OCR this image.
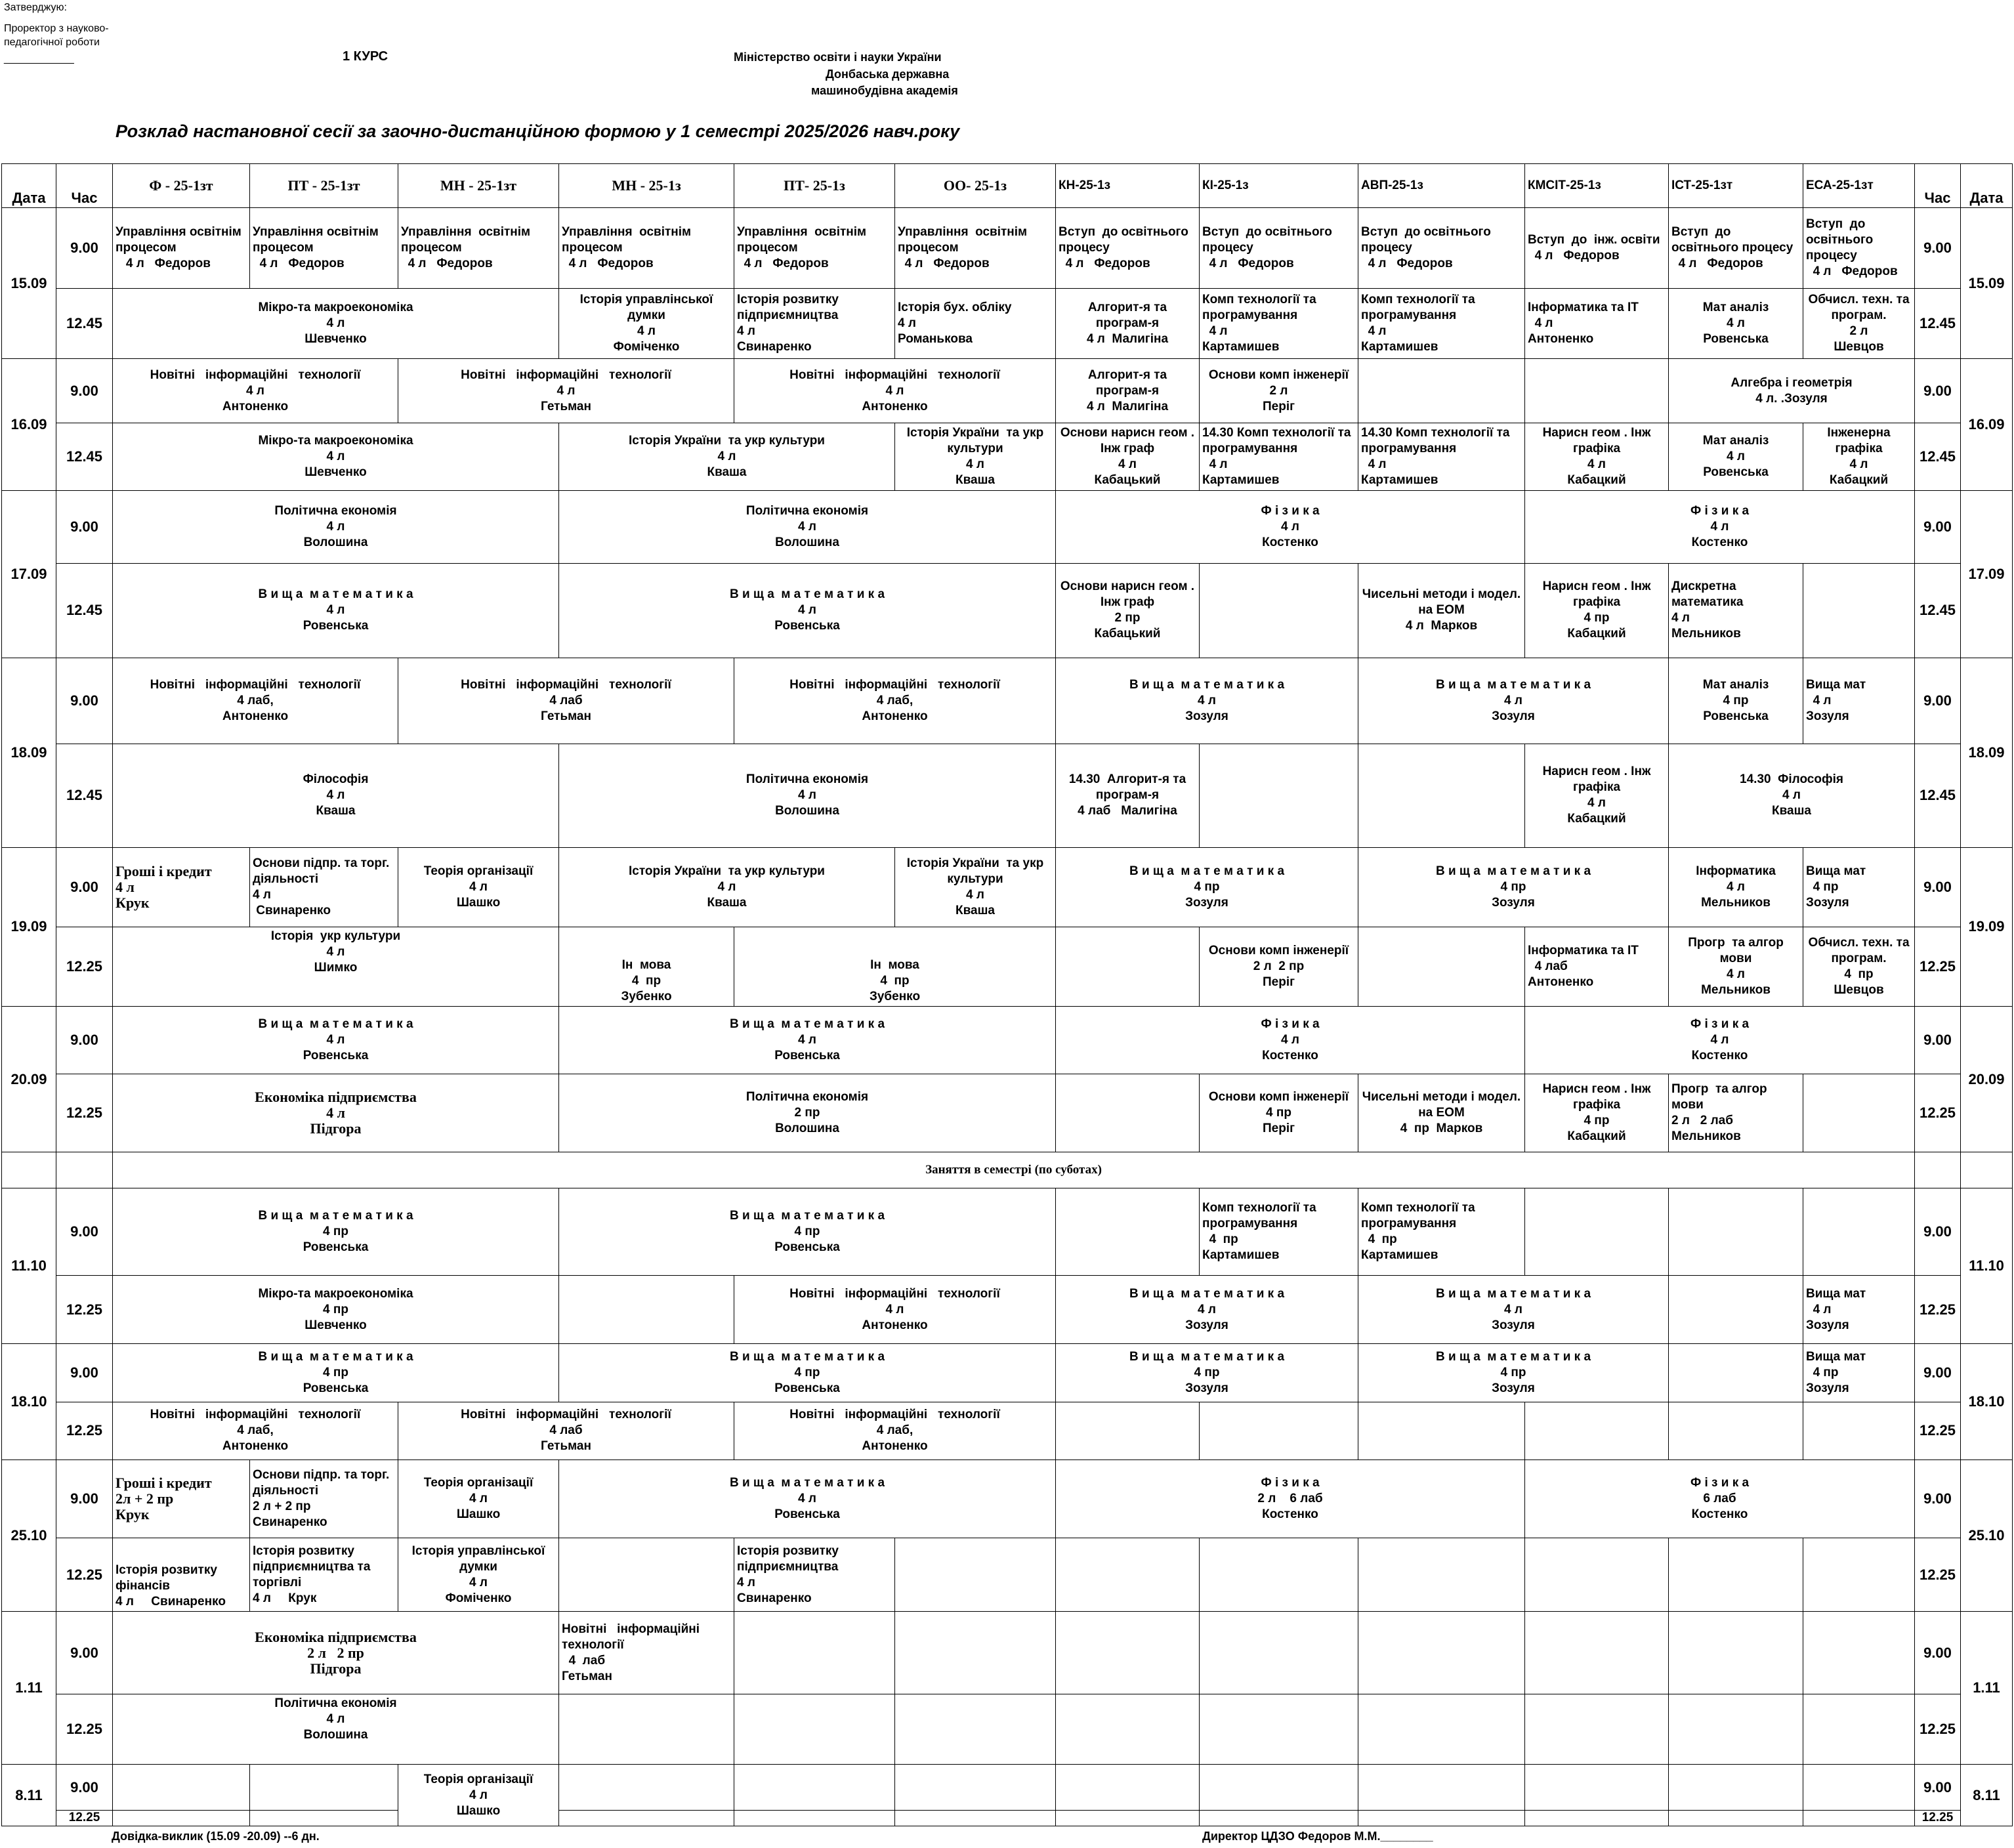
Затверджую:
Проректор з науково-
педагогічної роботи
____________	1 КУРС	Міністерство освіти і науки України
Донбаська державна
машинобудівна академія
Розклад настановної сесії за заочно-дистанційною формою у 1 семестрі 2025/2026 навч.року
Дата	Час	Ф - 25-1зт	ПТ - 25-1зт	МН - 25-1зт	МН - 25-1з	ПТ- 25-1з	ОО- 25-1з	КН-25-1з	КІ-25-1з	АВП-25-1з	КМСІТ-25-1з	ІСТ-25-1зт	ЕСА-25-1зт	Час	Дата
15.09	9.00	Управління освітнім процесом
4 л   Федоров	Управління освітнім  процесом
4 л   Федоров	Управління  освітнім процесом
4 л   Федоров	Управління  освітнім процесом
4 л   Федоров	Управління  освітнім процесом
4 л   Федоров	Управління  освітнім процесом
4 л   Федоров	Вступ  до освітнього процесу
4 л   Федоров	Вступ  до освітнього  процесу
4 л   Федоров	Вступ  до освітнього процесу
4 л   Федоров	Вступ  до  інж. освіти
4 л   Федоров	Вступ  до освітнього процесу
4 л   Федоров	Вступ  до освітнього процесу
4 л   Федоров	9.00	15.09
	12.45	Мікро-та макроекономіка
4 л
Шевченко			Історія управлінської думки
4 л
Фоміченко	Історія розвитку підприємництва
4 л
Свинаренко	Історія бух. обліку
4 л
Романькова	Алгорит-я та програм-я
4 л  Малигіна	Комп технології та програмування
4 л
Картамишев	Комп технології та програмування
4 л
Картамишев	Інформатика та ІТ
4 л
Антоненко	Мат аналіз
4 л
Ровенська	Обчисл. техн. та програм.
2 л
Шевцов	12.45	
16.09	9.00	Новітні   інформаційні   технології
4 л
Антоненко		Новітні   інформаційні   технології
4 л
Гетьман		Новітні   інформаційні   технології
4 л
Антоненко		Алгорит-я та програм-я
4 л  Малигіна	Основи комп інженерії
2 л
Періг			Алгебра і геометрія
4 л. .Зозуля		9.00	16.09
	12.45	Мікро-та макроекономіка
4 л
Шевченко			Історія України  та укр культури
4 л
Кваша		Історія України  та укр культури
4 л
Кваша	Основи нарисн геом . Інж граф
4 л
Кабацький	14.30 Комп технології та програмування
4 л
Картамишев	14.30 Комп технології та програмування
4 л
Картамишев	Нарисн геом . Інж графіка
4 л
Кабацкий	Мат аналіз
4 л
Ровенська	Інженерна графіка
4 л
Кабацкий	12.45	
17.09	9.00	Політична економія
4 л
Волошина			Політична економія
4 л
Волошина			Ф і з и к а
4 л
Костенко			Ф і з и к а
4 л
Костенко			9.00	17.09
	12.45	В и щ а  м а т е м а т и к а
4 л
Ровенська			В и щ а  м а т е м а т и к а
4 л
Ровенська			Основи нарисн геом . Інж граф
2 пр
Кабацький		Чисельні методи і модел. на ЕОМ
4 л  Марков	Нарисн геом . Інж графіка
4 пр
Кабацкий	Дискретна математика
4 л
Мельников		12.45	
18.09	9.00	Новітні   інформаційні   технології
4 лаб,
Антоненко		Новітні   інформаційні   технології
4 лаб
Гетьман		Новітні   інформаційні   технології
4 лаб,
Антоненко		В и щ а  м а т е м а т и к а
4 л
Зозуля		В и щ а  м а т е м а т и к а
4 л
Зозуля		Мат аналіз
4 пр
Ровенська	Вища мат
4 л
Зозуля	9.00	18.09
	12.45	Філософія
4 л
Кваша			Політична економія
4 л
Волошина			14.30  Алгорит-я та програм-я
4 лаб   Малигіна			Нарисн геом . Інж графіка
4 л
Кабацкий	14.30  Філософія
4 л
Кваша		12.45	
19.09	9.00	Гроші і кредит
4 л
Крук	Основи підпр. та торг. діяльності
4 л
Свинаренко	Теорія організації
4 л
Шашко	Історія України  та укр культури
4 л
Кваша		Історія України  та укр культури
4 л
Кваша	В и щ а  м а т е м а т и к а
4 пр
Зозуля		В и щ а  м а т е м а т и к а
4 пр
Зозуля		Інформатика
4 л
Мельников	Вища мат
4 пр
Зозуля	9.00	19.09
	12.25	Історія  укр культури
4 л
Шимко			Ін  мова
4  пр
Зубенко	Ін  мова
4  пр
Зубенко			Основи комп інженерії
2 л  2 пр
Періг		Інформатика та ІТ
4 лаб
Антоненко	Прогр  та алгор мови
4 л
Мельников	Обчисл. техн. та програм.
4  пр
Шевцов	12.25	
20.09	9.00	В и щ а  м а т е м а т и к а
4 л
Ровенська			В и щ а  м а т е м а т и к а
4 л
Ровенська			Ф і з и к а
4 л
Костенко			Ф і з и к а
4 л
Костенко			9.00	20.09
	12.25	Економіка підприємства
4 л
Підгора			Політична економія
2 пр
Волошина				Основи комп інженерії
4 пр
Періг	Чисельні методи і модел. на ЕОМ
4  пр  Марков	Нарисн геом . Інж графіка
4 пр
Кабацкий	Прогр  та алгор мови
2 л   2 лаб
Мельников		12.25	
		Заняття в семестрі (по суботах)													
11.10	9.00	В и щ а  м а т е м а т и к а
4 пр
Ровенська			В и щ а  м а т е м а т и к а
4 пр
Ровенська				Комп технології та програмування
4  пр
Картамишев	Комп технології та програмування
4  пр
Картамишев				9.00	11.10
	12.25	Мікро-та макроекономіка
4 пр
Шевченко				Новітні   інформаційні   технології
4 л
Антоненко		В и щ а  м а т е м а т и к а
4 л
Зозуля		В и щ а  м а т е м а т и к а
4 л
Зозуля			Вища мат
4 л
Зозуля	12.25	
18.10	9.00	В и щ а  м а т е м а т и к а
4 пр
Ровенська			В и щ а  м а т е м а т и к а
4 пр
Ровенська			В и щ а  м а т е м а т и к а
4 пр
Зозуля		В и щ а  м а т е м а т и к а
4 пр
Зозуля			Вища мат
4 пр
Зозуля	9.00	18.10
	12.25	Новітні   інформаційні   технології
4 лаб,
Антоненко		Новітні   інформаційні   технології
4 лаб
Гетьман		Новітні   інформаційні   технології
4 лаб,
Антоненко								12.25	
25.10	9.00	Гроші і кредит
2л + 2 пр
Крук	Основи підпр. та торг. діяльності
2 л + 2 пр
Свинаренко	Теорія організації
4 л
Шашко	В и щ а  м а т е м а т и к а
4 л
Ровенська			Ф і з и к а
2 л    6 лаб
Костенко			Ф і з и к а
6 лаб
Костенко			9.00	25.10
	12.25	Історія розвитку фінансів
4 л     Свинаренко	Історія розвитку підприємництва та торгівлі
4 л     Крук	Історія управлінської думки
4 л
Фоміченко		Історія розвитку підприємництва
4 л
Свинаренко								12.25	
1.11	9.00	Економіка підприємства
2 л   2 пр
Підгора			Новітні   інформаційні технології
4  лаб
Гетьман									9.00	1.11
	12.25	Політична економія
4 л
Волошина												12.25	
8.11	9.00			Теорія організації
4 л
Шашко										9.00	8.11
	12.25													12.25	
Довідка-виклик (15.09 -20.09) --6 дн.	Директор ЦДЗО Федоров М.М.________
